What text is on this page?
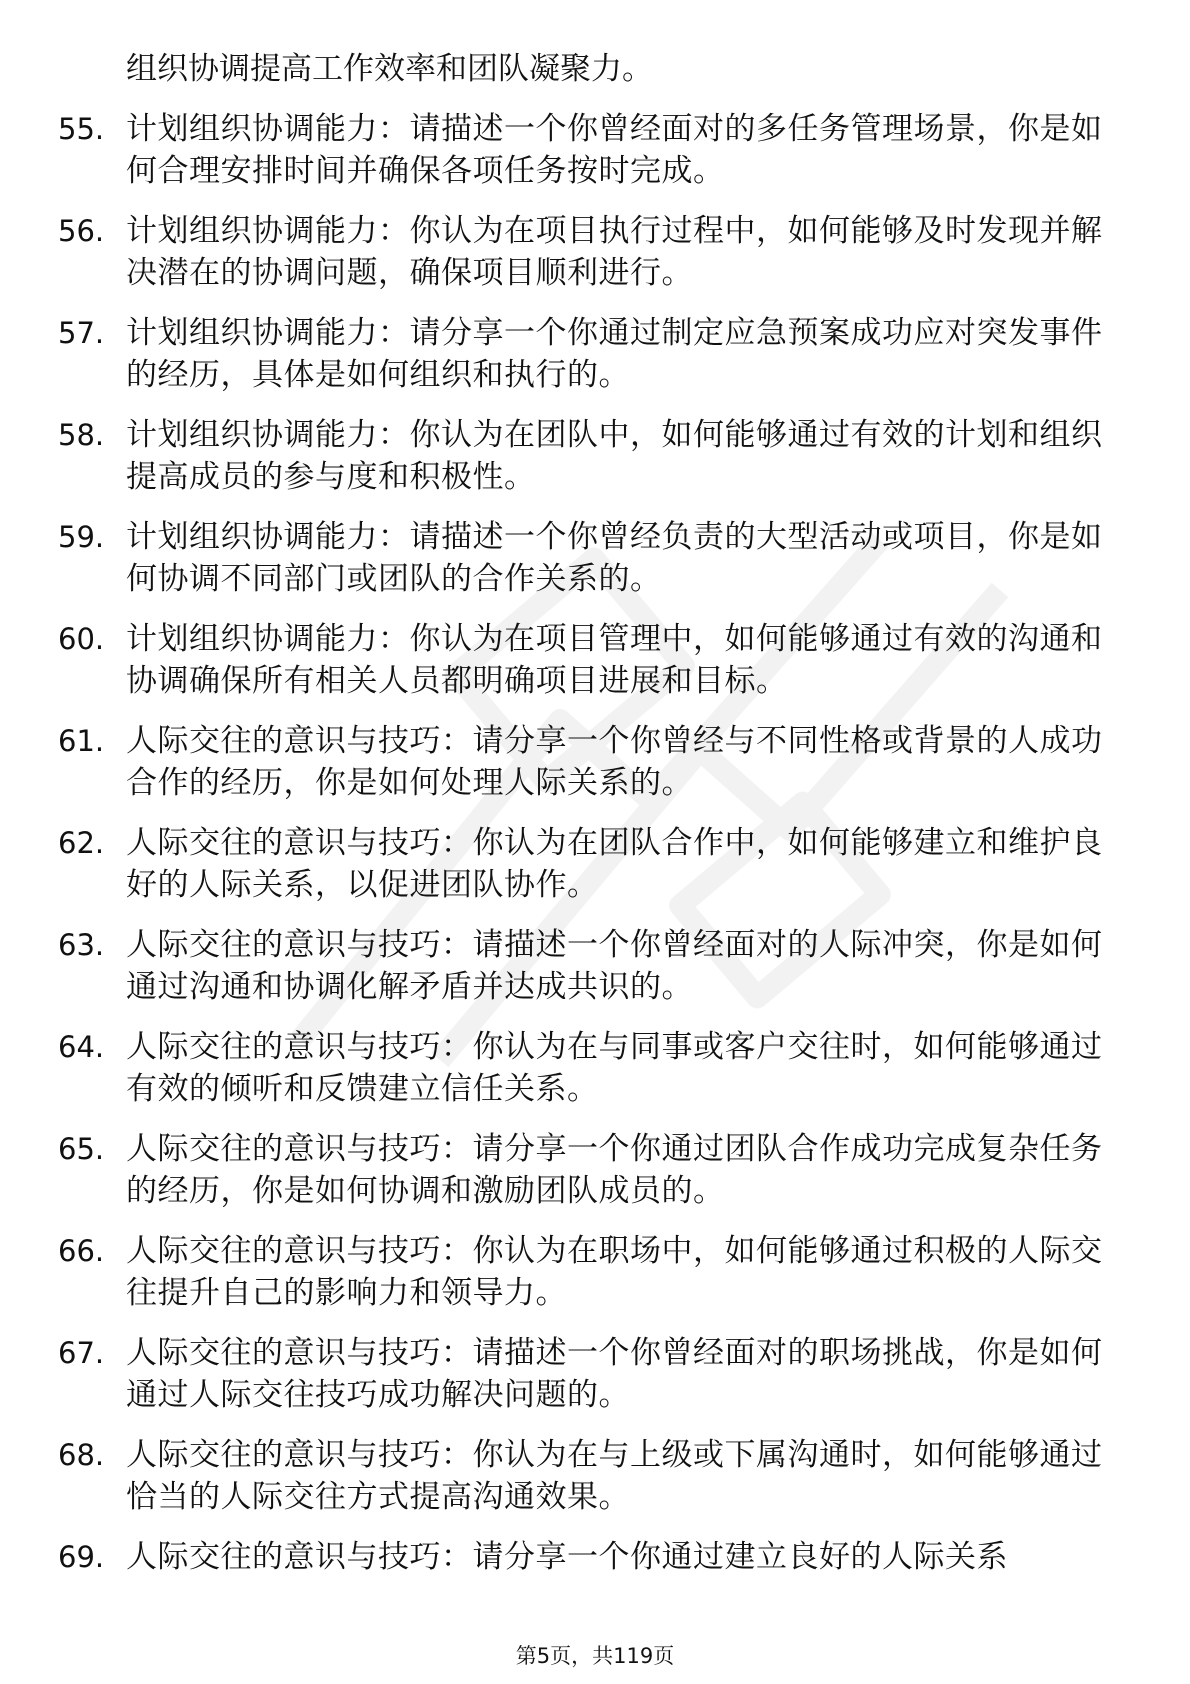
组织协调提高工作效率和团队凝聚力。
55. 计划组织协调能力：请描述一个你曾经面对的多任务管理场景，你是如何合理安排时间并确保各项任务按时完成。
56. 计划组织协调能力：你认为在项目执行过程中，如何能够及时发现并解决潜在的协调问题，确保项目顺利进行。
57. 计划组织协调能力：请分享一个你通过制定应急预案成功应对突发事件的经历，具体是如何组织和执行的。
58. 计划组织协调能力：你认为在团队中，如何能够通过有效的计划和组织提高成员的参与度和积极性。
59. 计划组织协调能力：请描述一个你曾经负责的大型活动或项目，你是如何协调不同部门或团队的合作关系的。
60. 计划组织协调能力：你认为在项目管理中，如何能够通过有效的沟通和协调确保所有相关人员都明确项目进展和目标。
61. 人际交往的意识与技巧：请分享一个你曾经与不同性格或背景的人成功合作的经历，你是如何处理人际关系的。
62. 人际交往的意识与技巧：你认为在团队合作中，如何能够建立和维护良好的人际关系，以促进团队协作。
63. 人际交往的意识与技巧：请描述一个你曾经面对的人际冲突，你是如何通过沟通和协调化解矛盾并达成共识的。
64. 人际交往的意识与技巧：你认为在与同事或客户交往时，如何能够通过有效的倾听和反馈建立信任关系。
65. 人际交往的意识与技巧：请分享一个你通过团队合作成功完成复杂任务的经历，你是如何协调和激励团队成员的。
66. 人际交往的意识与技巧：你认为在职场中，如何能够通过积极的人际交往提升自己的影响力和领导力。
67. 人际交往的意识与技巧：请描述一个你曾经面对的职场挑战，你是如何通过人际交往技巧成功解决问题的。
68. 人际交往的意识与技巧：你认为在与上级或下属沟通时，如何能够通过恰当的人际交往方式提高沟通效果。
69. 人际交往的意识与技巧：请分享一个你通过建立良好的人际关系
第5页，共119页
